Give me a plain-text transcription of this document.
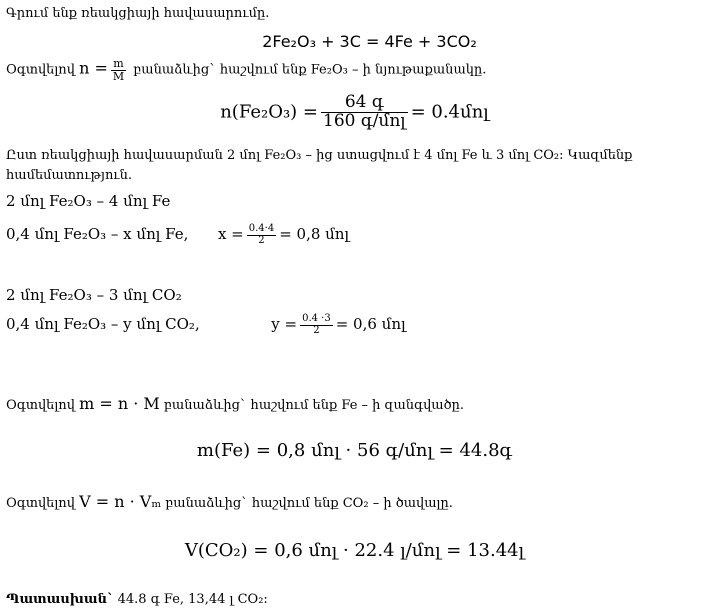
Գրում ենք ռեակցիայի հավասարումը.
2Fe₂O₃ + 3C = 4Fe + 3CO₂
Օգտվելով $n = \frac{m}{M}$ բանաձևից` հաշվում ենք Fe₂O₃ – ի նյութաքանակը.
$n(Fe_2O_3) = \frac{\text{64 գ}}{\text{160 գ/մոլ}}$ = 0.4մոլ
Ըստ ռեակցիայի հավասարման 2 մոլ Fe₂O₃ – ից ստացվում է 4 մոլ Fe և 3 մոլ CO₂: Կազմենք
համեմատություն.
2 մոլ Fe₂O₃ – 4 մոլ Fe
0,4 մոլ Fe₂O₃ – x մոլ Fe, $x = \frac{0.4\cdot 4}{2} = 0,8$ մոլ
2 մոլ Fe₂O₃ – 3 մոլ CO₂
0,4 մոլ Fe₂O₃ – y մոլ CO₂,	$y = \frac{0.4 \cdot 3}{2} = 0,6$ մոլ
Օգտվելով m = n · M բանաձևից` հաշվում ենք Fe – ի զանգվածը.
m(Fe) = 0,8 մոլ · 56 գ/մոլ = 44.8գ
Օգտվելով V = n · Vₘ բանաձևից` հաշվում ենք CO₂ – ի ծավալը.
V(CO₂) = 0,6 մոլ · 22.4 լ/մոլ = 13.44լ
Պատասխան` 44.8 գ Fe, 13,44 լ CO₂:
